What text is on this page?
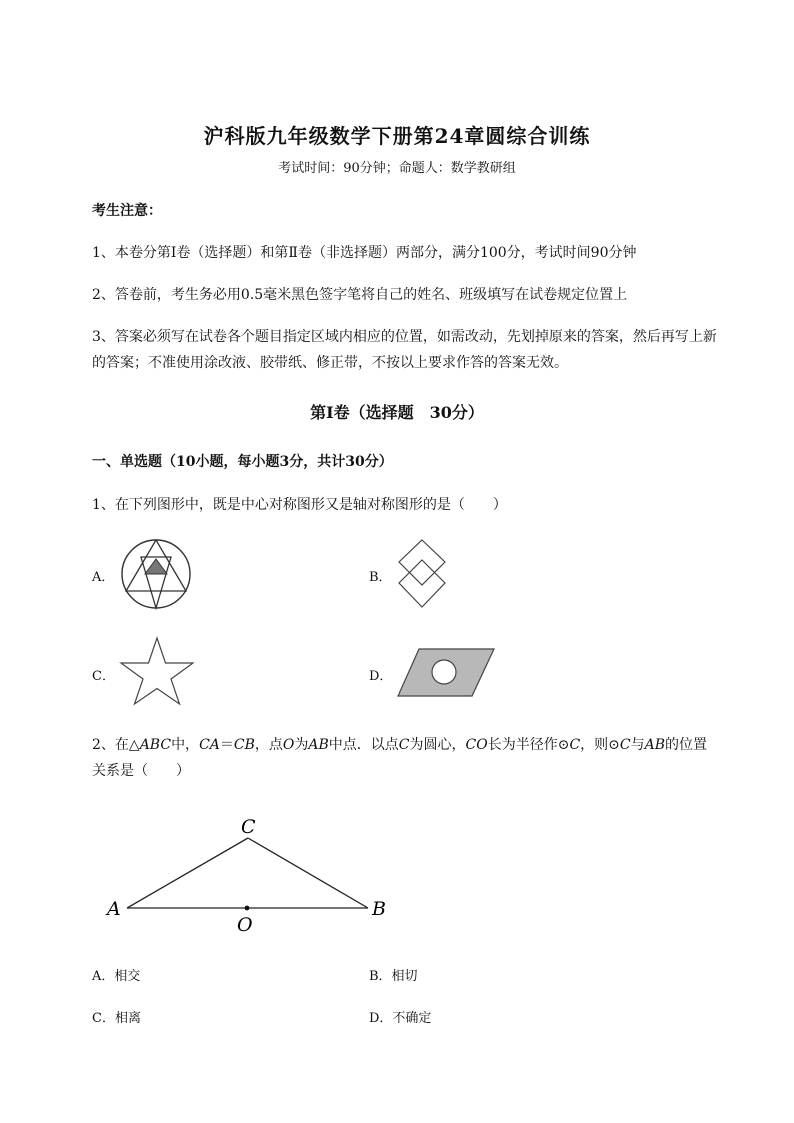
沪科版九年级数学下册第24章圆综合训练
考试时间：90分钟；命题人：数学教研组
考生注意：
1、本卷分第I卷（选择题）和第Ⅱ卷（非选择题）两部分，满分100分，考试时间90分钟
2、答卷前，考生务必用0.5毫米黑色签字笔将自己的姓名、班级填写在试卷规定位置上
3、答案必须写在试卷各个题目指定区域内相应的位置，如需改动，先划掉原来的答案，然后再写上新
的答案；不准使用涂改液、胶带纸、修正带，不按以上要求作答的答案无效。
第I卷（选择题　30分）
一、单选题（10小题，每小题3分，共计30分）
1、在下列图形中，既是中心对称图形又是轴对称图形的是（　　）
A．	B．
C．	D．
2、在△ABC中，CA＝CB，点O为AB中点．以点C为圆心，CO长为半径作⊙C，则⊙C与AB的位置
关系是（　　）
A	B
C
O
A．相交	B．相切
C．相离	D．不确定
